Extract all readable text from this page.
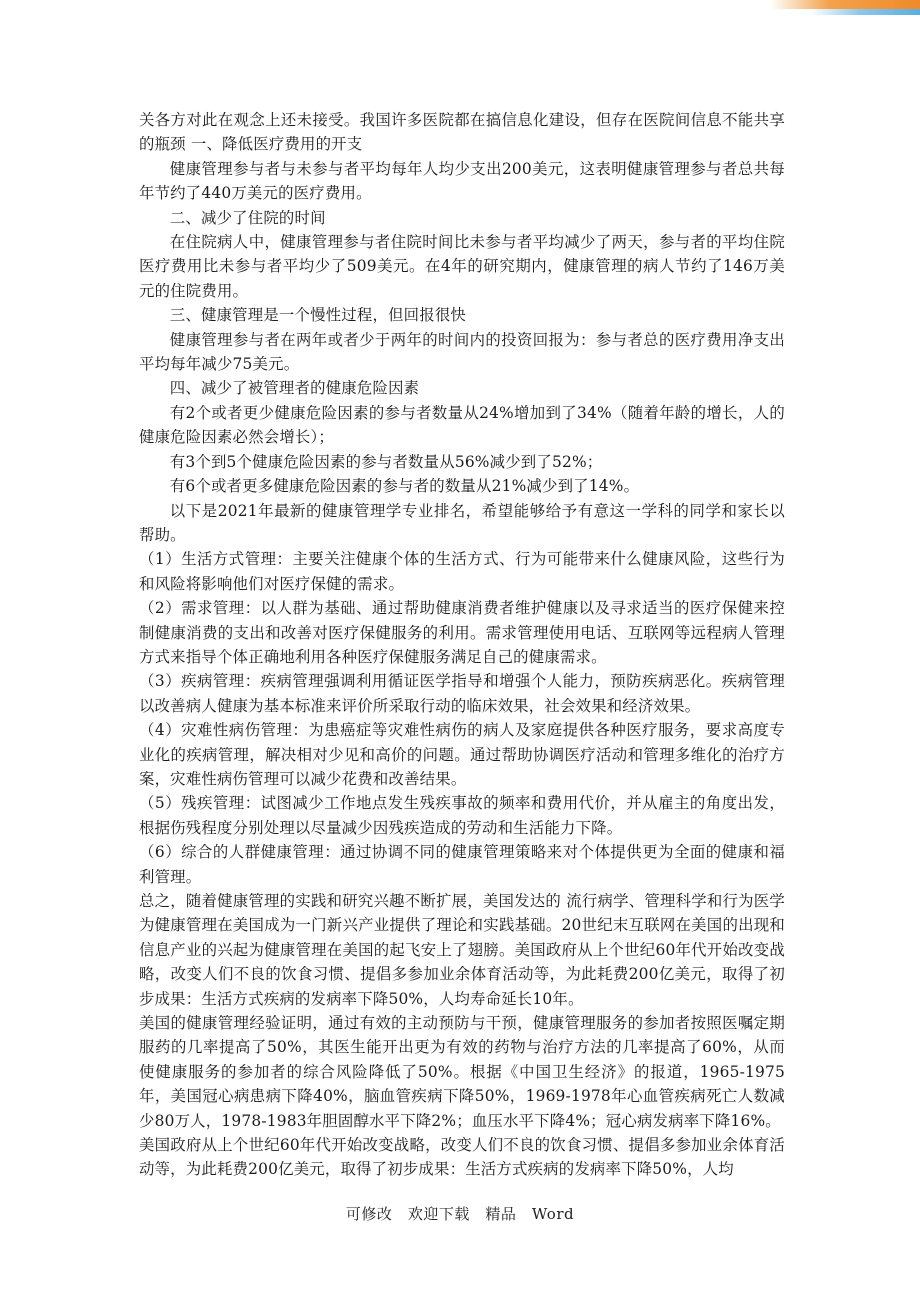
关各方对此在观念上还未接受。我国许多医院都在搞信息化建设，但存在医院间信息不能共享的瓶颈 一、降低医疗费用的开支

健康管理参与者与未参与者平均每年人均少支出200美元，这表明健康管理参与者总共每年节约了440万美元的医疗费用。

二、减少了住院的时间

在住院病人中，健康管理参与者住院时间比未参与者平均减少了两天，参与者的平均住院医疗费用比未参与者平均少了509美元。在4年的研究期内，健康管理的病人节约了146万美元的住院费用。

三、健康管理是一个慢性过程，但回报很快

健康管理参与者在两年或者少于两年的时间内的投资回报为：参与者总的医疗费用净支出平均每年减少75美元。

四、减少了被管理者的健康危险因素

有2个或者更少健康危险因素的参与者数量从24%增加到了34%（随着年龄的增长，人的健康危险因素必然会增长）；

有3个到5个健康危险因素的参与者数量从56%减少到了52%；

有6个或者更多健康危险因素的参与者的数量从21%减少到了14%。

以下是2021年最新的健康管理学专业排名，希望能够给予有意这一学科的同学和家长以帮助。

（1）生活方式管理：主要关注健康个体的生活方式、行为可能带来什么健康风险，这些行为和风险将影响他们对医疗保健的需求。

（2）需求管理：以人群为基础、通过帮助健康消费者维护健康以及寻求适当的医疗保健来控制健康消费的支出和改善对医疗保健服务的利用。需求管理使用电话、互联网等远程病人管理方式来指导个体正确地利用各种医疗保健服务满足自己的健康需求。

（3）疾病管理：疾病管理强调利用循证医学指导和增强个人能力，预防疾病恶化。疾病管理以改善病人健康为基本标准来评价所采取行动的临床效果，社会效果和经济效果。

（4）灾难性病伤管理：为患癌症等灾难性病伤的病人及家庭提供各种医疗服务，要求高度专业化的疾病管理，解决相对少见和高价的问题。通过帮助协调医疗活动和管理多维化的治疗方案，灾难性病伤管理可以减少花费和改善结果。

（5）残疾管理：试图减少工作地点发生残疾事故的频率和费用代价，并从雇主的角度出发，根据伤残程度分别处理以尽量减少因残疾造成的劳动和生活能力下降。

（6）综合的人群健康管理：通过协调不同的健康管理策略来对个体提供更为全面的健康和福利管理。

总之，随着健康管理的实践和研究兴趣不断扩展，美国发达的 流行病学、管理科学和行为医学为健康管理在美国成为一门新兴产业提供了理论和实践基础。20世纪末互联网在美国的出现和信息产业的兴起为健康管理在美国的起飞安上了翅膀。美国政府从上个世纪60年代开始改变战略，改变人们不良的饮食习惯、提倡多参加业余体育活动等，为此耗费200亿美元，取得了初步成果：生活方式疾病的发病率下降50%，人均寿命延长10年。

美国的健康管理经验证明，通过有效的主动预防与干预，健康管理服务的参加者按照医嘱定期服药的几率提高了50%，其医生能开出更为有效的药物与治疗方法的几率提高了60%，从而使健康服务的参加者的综合风险降低了50%。根据《中国卫生经济》的报道，1965-1975年，美国冠心病患病下降40%，脑血管疾病下降50%，1969-1978年心血管疾病死亡人数减少80万人，1978-1983年胆固醇水平下降2%；血压水平下降4%；冠心病发病率下降16%。

美国政府从上个世纪60年代开始改变战略，改变人们不良的饮食习惯、提倡多参加业余体育活动等，为此耗费200亿美元，取得了初步成果：生活方式疾病的发病率下降50%，人均

可修改　欢迎下载　精品　Word
